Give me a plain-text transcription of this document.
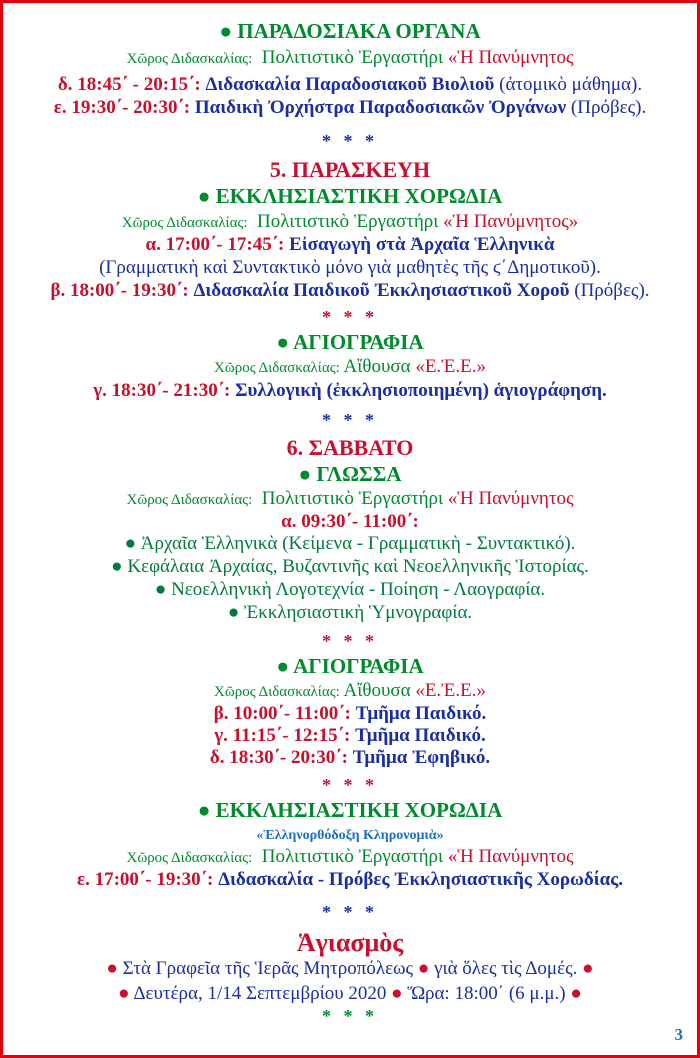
● ΠΑΡΑΔΟΣΙΑΚΑ ΟΡΓΑΝΑ
Χῶρος Διδασκαλίας: Πολιτιστικὸ Ἐργαστήρι «Ἡ Πανύμνητος
δ. 18:45΄ - 20:15΄: Διδασκαλία Παραδοσιακοῦ Βιολιοῦ (ἀτομικὸ μάθημα).
ε. 19:30΄- 20:30΄: Παιδικὴ Ὀρχήστρα Παραδοσιακῶν Ὀργάνων (Πρόβες).
* * *
5. ΠΑΡΑΣΚΕΥΗ
● ΕΚΚΛΗΣΙΑΣΤΙΚΗ ΧΟΡΩΔΙΑ
Χῶρος Διδασκαλίας: Πολιτιστικὸ Ἐργαστήρι «Ἡ Πανύμνητος»
α. 17:00΄- 17:45΄: Εἰσαγωγὴ στὰ Ἀρχαῖα Ἑλληνικὰ
(Γραμματικὴ καὶ Συντακτικὸ μόνο γιὰ μαθητὲς τῆς ϛ΄Δημοτικοῦ).
β. 18:00΄- 19:30΄: Διδασκαλία Παιδικοῦ Ἐκκλησιαστικοῦ Χοροῦ (Πρόβες).
* * *
● ΑΓΙΟΓΡΑΦΙΑ
Χῶρος Διδασκαλίας: Αἴθουσα «Ε.Ἐ.Ε.»
γ. 18:30΄- 21:30΄: Συλλογικὴ (ἐκκλησιοποιημένη) ἁγιογράφηση.
* * *
6. ΣΑΒΒΑΤΟ
● ΓΛΩΣΣΑ
Χῶρος Διδασκαλίας: Πολιτιστικὸ Ἐργαστήρι «Ἡ Πανύμνητος
α. 09:30΄- 11:00΄:
● Ἀρχαῖα Ἑλληνικὰ (Κείμενα - Γραμματικὴ - Συντακτικό).
● Κεφάλαια Ἀρχαίας, Βυζαντινῆς καὶ Νεοελληνικῆς Ἱστορίας.
● Νεοελληνικὴ Λογοτεχνία - Ποίηση - Λαογραφία.
● Ἐκκλησιαστικὴ Ὑμνογραφία.
* * *
● ΑΓΙΟΓΡΑΦΙΑ
Χῶρος Διδασκαλίας: Αἴθουσα «Ε.Ἐ.Ε.»
β. 10:00΄- 11:00΄: Τμῆμα Παιδικό.
γ. 11:15΄- 12:15΄: Τμῆμα Παιδικό.
δ. 18:30΄- 20:30΄: Τμῆμα Ἐφηβικό.
* * *
● ΕΚΚΛΗΣΙΑΣΤΙΚΗ ΧΟΡΩΔΙΑ
«Ἑλληνορθόδοξη Κληρονομιὰ»
Χῶρος Διδασκαλίας: Πολιτιστικὸ Ἐργαστήρι «Ἡ Πανύμνητος
ε. 17:00΄- 19:30΄: Διδασκαλία - Πρόβες Ἐκκλησιαστικῆς Χορωδίας.
* * *
Ἁγιασμὸς
● Στὰ Γραφεῖα τῆς Ἱερᾶς Μητροπόλεως ● γιὰ ὅλες τὶς Δομές. ●
● Δευτέρα, 1/14 Σεπτεμβρίου 2020 ● Ὥρα: 18:00΄ (6 μ.μ.) ●
* * *
3
